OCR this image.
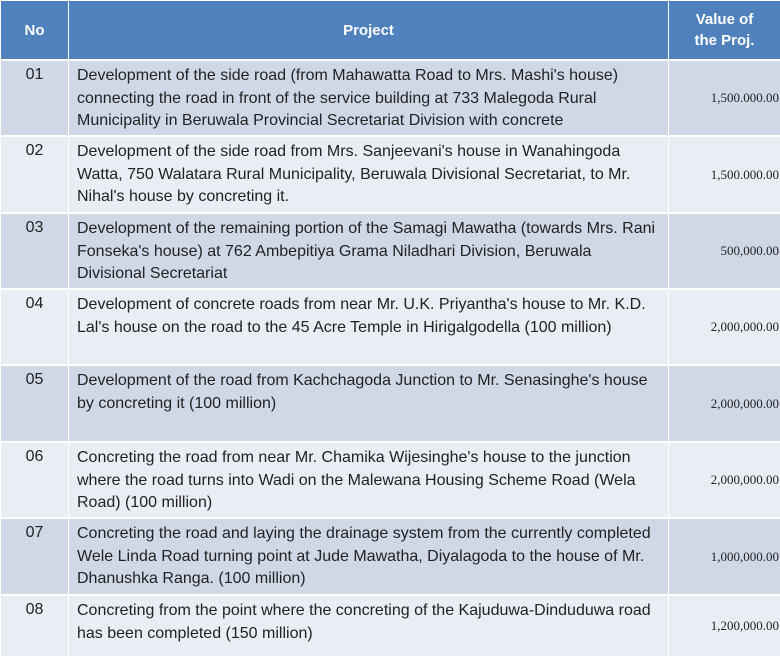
No	Project	Value of
the Proj.

01	Development of the side road (from Mahawatta Road to Mrs. Mashi's house) connecting the road in front of the service building at 733 Malegoda Rural Municipality in Beruwala Provincial Secretariat Division with concrete	1,500.000.00
02	Development of the side road from Mrs. Sanjeevani's house in Wanahingoda Watta, 750 Walatara Rural Municipality, Beruwala Divisional Secretariat, to Mr. Nihal's house by concreting it.	1,500.000.00
03	Development of the remaining portion of the Samagi Mawatha (towards Mrs. Rani Fonseka's house) at 762 Ambepitiya Grama Niladhari Division, Beruwala Divisional Secretariat	500,000.00
04	Development of concrete roads from near Mr. U.K. Priyantha's house to Mr. K.D. Lal's house on the road to the 45 Acre Temple in Hirigalgodella (100 million)	2,000,000.00
05	Development of the road from Kachchagoda Junction to Mr. Senasinghe's house by concreting it (100 million)	2,000,000.00
06	Concreting the road from near Mr. Chamika Wijesinghe's house to the junction where the road turns into Wadi on the Malewana Housing Scheme Road (Wela Road) (100 million)	2,000,000.00
07	Concreting the road and laying the drainage system from the currently completed Wele Linda Road turning point at Jude Mawatha, Diyalagoda to the house of Mr. Dhanushka Ranga. (100 million)	1,000,000.00
08	Concreting from the point where the concreting of the Kajuduwa-Dinduduwa road has been completed (150 million)	1,200,000.00
